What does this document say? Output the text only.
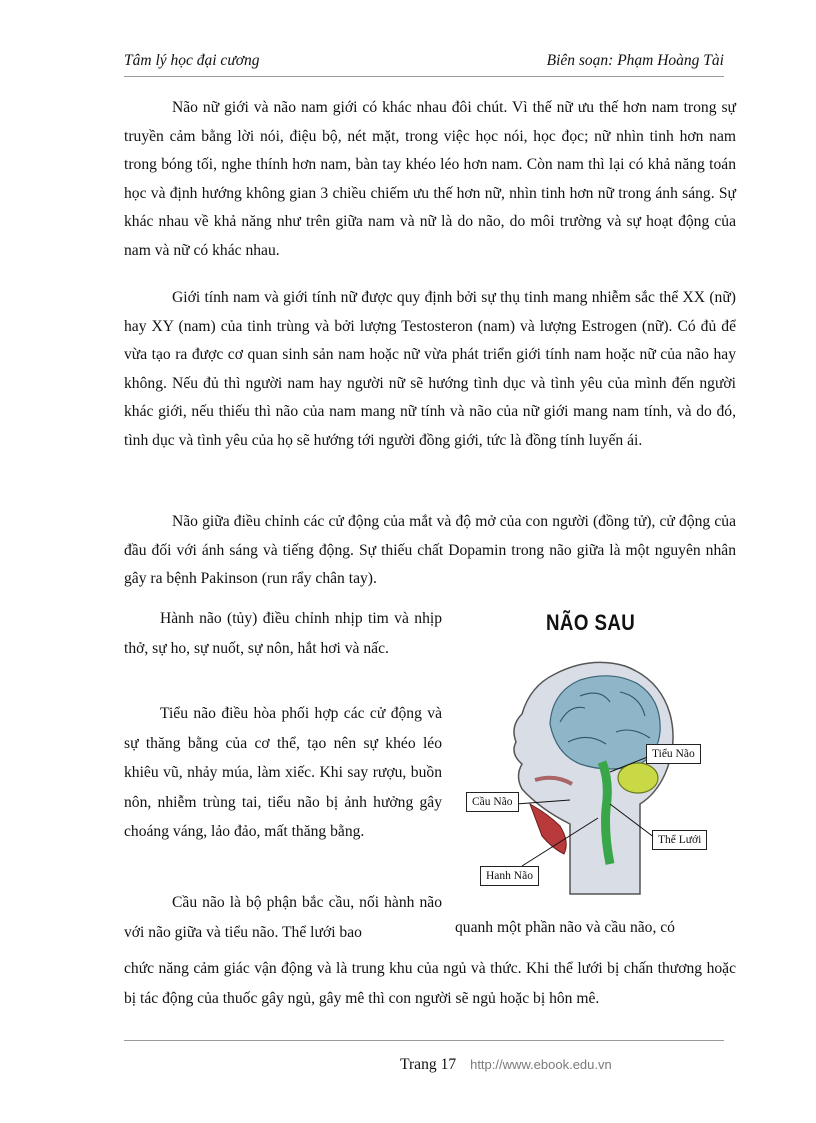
Tâm lý học đại cương	Biên soạn: Phạm Hoàng Tài

Não nữ giới và não nam giới có khác nhau đôi chút. Vì thế nữ ưu thế hơn nam trong sự truyền cảm bằng lời nói, điệu bộ, nét mặt, trong việc học nói, học đọc; nữ nhìn tinh hơn nam trong bóng tối, nghe thính hơn nam, bàn tay khéo léo hơn nam. Còn nam thì lại có khả năng toán học và định hướng không gian 3 chiều chiếm ưu thế hơn nữ, nhìn tinh hơn nữ trong ánh sáng. Sự khác nhau về khả năng như trên giữa nam và nữ là do não, do môi trường và sự hoạt động của nam và nữ có khác nhau.

Giới tính nam và giới tính nữ được quy định bởi sự thụ tinh mang nhiễm sắc thể XX (nữ) hay XY (nam) của tinh trùng và bởi lượng Testosteron (nam) và lượng Estrogen (nữ). Có đủ để vừa tạo ra được cơ quan sinh sản nam hoặc nữ vừa phát triển giới tính nam hoặc nữ của não hay không. Nếu đủ thì người nam hay người nữ sẽ hướng tình dục và tình yêu của mình đến người khác giới, nếu thiếu thì não của nam mang nữ tính và não của nữ giới mang nam tính, và do đó, tình dục và tình yêu của họ sẽ hướng tới người đồng giới, tức là đồng tính luyến ái.

Não giữa điều chỉnh các cử động của mắt và độ mở của con người (đồng tử), cử động của đầu đối với ánh sáng và tiếng động. Sự thiếu chất Dopamin trong não giữa là một nguyên nhân gây ra bệnh Pakinson (run rẩy chân tay).

Hành não (tủy) điều chỉnh nhịp tim và nhịp thở, sự ho, sự nuốt, sự nôn, hắt hơi và nấc.

Tiểu não điều hòa phối hợp các cử động và sự thăng bằng của cơ thể, tạo nên sự khéo léo khiêu vũ, nhảy múa, làm xiếc. Khi say rượu, buồn nôn, nhiễm trùng tai, tiểu não bị ảnh hưởng gây choáng váng, lảo đảo, mất thăng bằng.

Cầu não là bộ phận bắc cầu, nối hành não với não giữa và tiểu não. Thể lưới bao	quanh một phần não và cầu não, có

chức năng cảm giác vận động và là trung khu của ngủ và thức. Khi thể lưới bị chấn thương hoặc bị tác động của thuốc gây ngủ, gây mê thì con người sẽ ngủ hoặc bị hôn mê.

NÃO SAU
Tiểu Não
Cầu Não
Thể Lưới
Hanh Não
Trang 17 http://www.ebook.edu.vn
